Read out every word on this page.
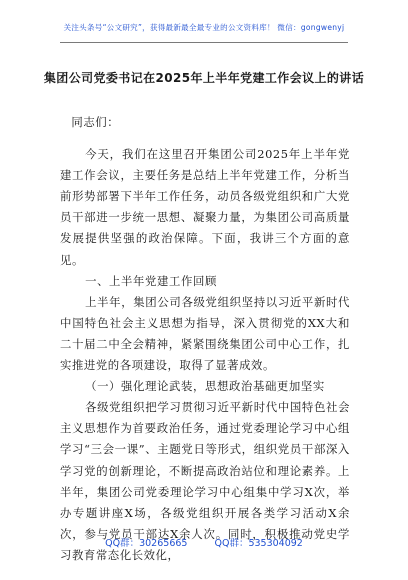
关注头条号“公文研究”，获得最新最全最专业的公文资料库！ 微信：gongwenyj
集团公司党委书记在2025年上半年党建工作会议上的讲话

同志们：

今天，我们在这里召开集团公司2025年上半年党建工作会议，主要任务是总结上半年党建工作，分析当前形势部署下半年工作任务，动员各级党组织和广大党员干部进一步统一思想、凝聚力量，为集团公司高质量发展提供坚强的政治保障。下面，我讲三个方面的意见。

一、上半年党建工作回顾

上半年，集团公司各级党组织坚持以习近平新时代中国特色社会主义思想为指导，深入贯彻党的XX大和二十届二中全会精神，紧紧围绕集团公司中心工作，扎实推进党的各项建设，取得了显著成效。

（一）强化理论武装，思想政治基础更加坚实

各级党组织把学习贯彻习近平新时代中国特色社会主义思想作为首要政治任务，通过党委理论学习中心组学习“三会一课”、主题党日等形式，组织党员干部深入学习党的创新理论，不断提高政治站位和理论素养。上半年，集团公司党委理论学习中心组集中学习X次，举办专题讲座X场，各级党组织开展各类学习活动X余次，参与党员干部达X余人次。同时，积极推动党史学习教育常态化长效化，

QQ群：30265665	QQ群：535304092
